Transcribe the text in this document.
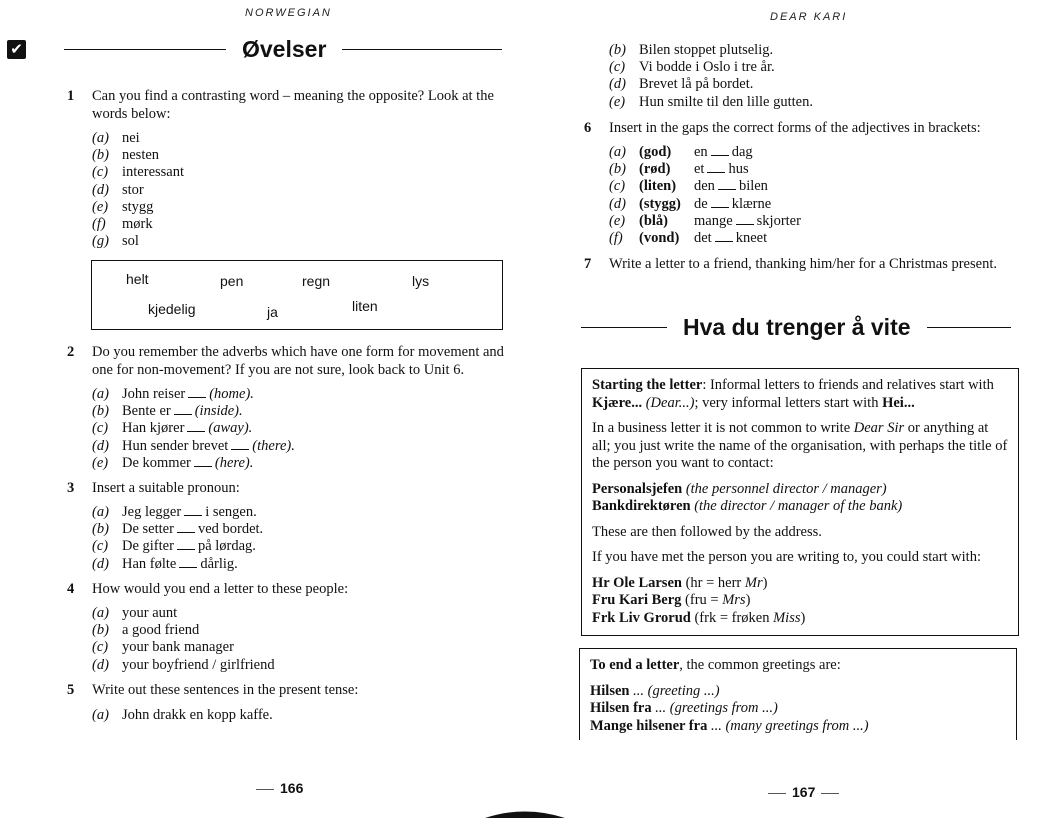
NORWEGIAN
✔	Øvelser
1 Can you find a contrasting word – meaning the opposite? Look at the words below:
(a) nei
(b) nesten
(c) interessant
(d) stor
(e) stygg
(f) mørk
(g) sol
helt	pen	regn	lys
kjedelig	ja	liten
2 Do you remember the adverbs which have one form for movement and one for non-movement? If you are not sure, look back to Unit 6.
(a) John reiser (home).
(b) Bente er (inside).
(c) Han kjører (away).
(d) Hun sender brevet (there).
(e) De kommer (here).
3 Insert a suitable pronoun:
(a) Jeg legger i sengen.
(b) De setter ved bordet.
(c) De gifter på lørdag.
(d) Han følte dårlig.
4 How would you end a letter to these people:
(a) your aunt
(b) a good friend
(c) your bank manager
(d) your boyfriend / girlfriend
5 Write out these sentences in the present tense:
(a) John drakk en kopp kaffe.
166
DEAR KARI
(b) Bilen stoppet plutselig.
(c) Vi bodde i Oslo i tre år.
(d) Brevet lå på bordet.
(e) Hun smilte til den lille gutten.
6 Insert in the gaps the correct forms of the adjectives in brackets:
(a) (god) en dag
(b) (rød) et hus
(c) (liten) den bilen
(d) (stygg) de klærne
(e) (blå) mange skjorter
(f) (vond) det kneet
7 Write a letter to a friend, thanking him/her for a Christmas present.
Hva du trenger å vite

Starting the letter: Informal letters to friends and relatives start with Kjære... (Dear...); very informal letters start with Hei...

In a business letter it is not common to write Dear Sir or anything at all; you just write the name of the organisation, with perhaps the title of the person you want to contact:

Personalsjefen (the personnel director / manager)
Bankdirektøren (the director / manager of the bank)

These are then followed by the address.

If you have met the person you are writing to, you could start with:

Hr Ole Larsen (hr = herr Mr)
Fru Kari Berg (fru = Mrs)
Frk Liv Grorud (frk = frøken Miss)

To end a letter, the common greetings are:

Hilsen ... (greeting ...)
Hilsen fra ... (greetings from ...)
Mange hilsener fra ... (many greetings from ...)

167
